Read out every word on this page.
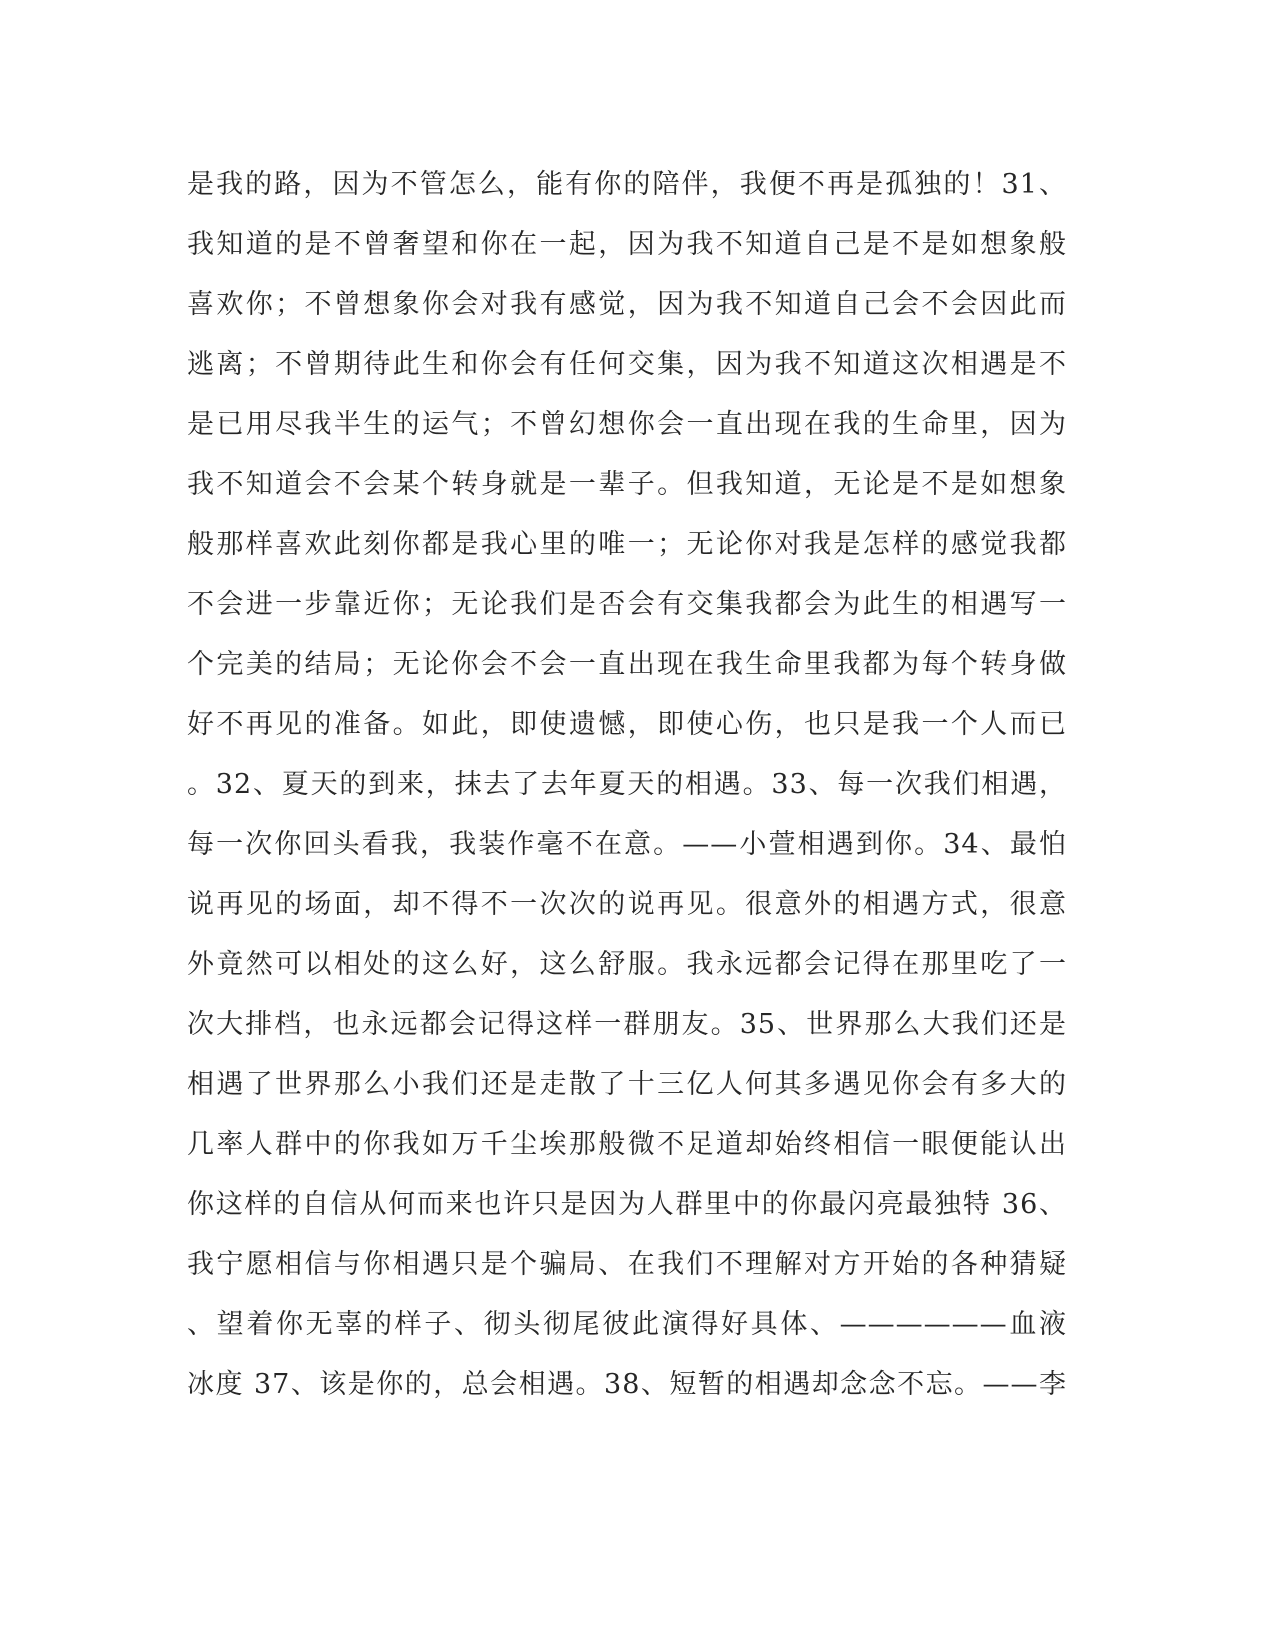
是我的路，因为不管怎么，能有你的陪伴，我便不再是孤独的！31、
我知道的是不曾奢望和你在一起，因为我不知道自己是不是如想象般
喜欢你；不曾想象你会对我有感觉，因为我不知道自己会不会因此而
逃离；不曾期待此生和你会有任何交集，因为我不知道这次相遇是不
是已用尽我半生的运气；不曾幻想你会一直出现在我的生命里，因为
我不知道会不会某个转身就是一辈子。但我知道，无论是不是如想象
般那样喜欢此刻你都是我心里的唯一；无论你对我是怎样的感觉我都
不会进一步靠近你；无论我们是否会有交集我都会为此生的相遇写一
个完美的结局；无论你会不会一直出现在我生命里我都为每个转身做
好不再见的准备。如此，即使遗憾，即使心伤，也只是我一个人而已
。32、夏天的到来，抹去了去年夏天的相遇。33、每一次我们相遇，
每一次你回头看我，我装作毫不在意。——小萱相遇到你。34、最怕
说再见的场面，却不得不一次次的说再见。很意外的相遇方式，很意
外竟然可以相处的这么好，这么舒服。我永远都会记得在那里吃了一
次大排档，也永远都会记得这样一群朋友。35、世界那么大我们还是
相遇了世界那么小我们还是走散了十三亿人何其多遇见你会有多大的
几率人群中的你我如万千尘埃那般微不足道却始终相信一眼便能认出
你这样的自信从何而来也许只是因为人群里中的你最闪亮最独特 36、
我宁愿相信与你相遇只是个骗局、在我们不理解对方开始的各种猜疑
、望着你无辜的样子、彻头彻尾彼此演得好具体、——————血液
冰度 37、该是你的，总会相遇。38、短暂的相遇却念念不忘。——李
